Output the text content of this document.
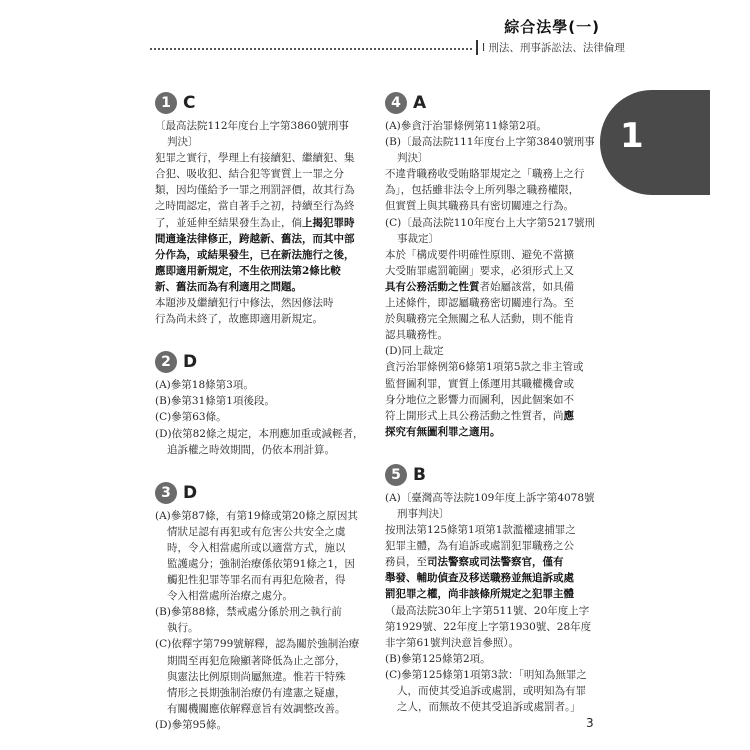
綜合法學(一)
Ⅰ 刑法、刑事訴訟法、法律倫理
1
1 C
〔最高法院112年度台上字第3860號刑事
判決〕
犯罪之實行，學理上有接續犯、繼續犯、集
合犯、吸收犯、結合犯等實質上一罪之分
類，因均僅給予一罪之刑罰評價，故其行為
之時間認定，當自著手之初，持續至行為終
了，並延伸至結果發生為止，倘上揭犯罪時
間適逢法律修正，跨越新、舊法，而其中部
分作為，或結果發生，已在新法施行之後，
應即適用新規定，不生依刑法第2條比較
新、舊法而為有利適用之問題。
本題涉及繼續犯行中修法，然因修法時
行為尚未終了，故應即適用新規定。
2 D
(A)參第18條第3項。
(B)參第31條第1項後段。
(C)參第63條。
(D)依第82條之規定，本刑應加重或減輕者，
追訴權之時效期間，仍依本刑計算。
3 D
(A)參第87條，有第19條或第20條之原因其
情狀足認有再犯或有危害公共安全之虞
時，令入相當處所或以適當方式，施以
監護處分；強制治療係依第91條之1，因
觸犯性犯罪等罪名而有再犯危險者，得
令入相當處所治療之處分。
(B)參第88條，禁戒處分係於刑之執行前
執行。
(C)依釋字第799號解釋，認為關於強制治療
期間至再犯危險顯著降低為止之部分，
與憲法比例原則尚屬無違。惟若干特殊
情形之長期強制治療仍有違憲之疑慮，
有關機關應依解釋意旨有效調整改善。
(D)參第95條。
4 A
(A)參貪汙治罪條例第11條第2項。
(B)〔最高法院111年度台上字第3840號刑事
判決〕
不違背職務收受賄賂罪規定之「職務上之行
為」，包括雖非法令上所列舉之職務權限，
但實質上與其職務具有密切關連之行為。
(C)〔最高法院110年度台上大字第5217號刑
事裁定〕
本於「構成要件明確性原則、避免不當擴
大受賄罪處罰範圍」要求，必須形式上又
具有公務活動之性質者始屬該當，如具備
上述條件，即認屬職務密切關連行為。至
於與職務完全無關之私人活動，則不能肯
認具職務性。
(D)同上裁定
貪污治罪條例第6條第1項第5款之非主管或
監督圖利罪，實質上係運用其職權機會或
身分地位之影響力而圖利，因此個案如不
符上開形式上具公務活動之性質者，尚應
探究有無圖利罪之適用。
5 B
(A)〔臺灣高等法院109年度上訴字第4078號
刑事判決〕
按刑法第125條第1項第1款濫權逮捕罪之
犯罪主體，為有追訴或處罰犯罪職務之公
務員，至司法警察或司法警察官，僅有
舉發、輔助偵查及移送職務並無追訴或處
罰犯罪之權，尚非該條所規定之犯罪主體
（最高法院30年上字第511號、20年度上字
第1929號、22年度上字第1930號、28年度
非字第61號判決意旨參照）。
(B)參第125條第2項。
(C)參第125條第1項第3款：「明知為無罪之
人，而使其受追訴或處罰，或明知為有罪
之人，而無故不使其受追訴或處罰者。」
3
